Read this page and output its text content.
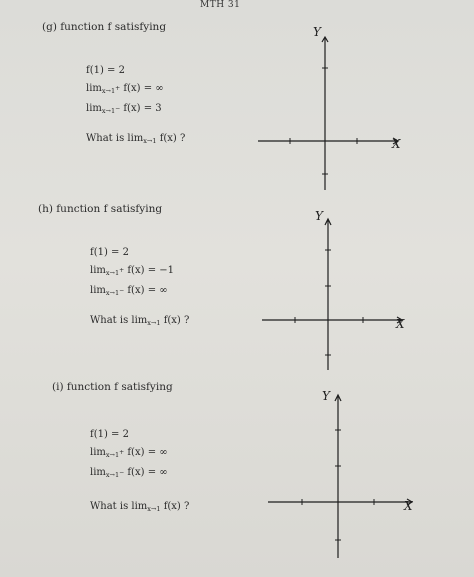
MTH 31
(g) function f satisfying
f(1) = 2
$\lim_{x\to 1+} f(x)$ = ∞
$\lim_{x\to 1-} f(x) = 3$
What is $\lim_{x\to 1} f(x)$ ?	X
Y
(h) function f satisfying
f(1) = 2
$\lim_{x\to 1+} f(x) = -1$
$\lim_{x\to 1-} f(x)$ = ∞
What is $\lim_{x\to 1} f(x)$ ?	X
Y
(i) function f satisfying
f(1) = 2
$\lim_{x\to 1+} f(x)$ = ∞
$\lim_{x\to 1-} f(x)$ = ∞
What is $\lim_{x\to 1} f(x)$ ?	X
Y
